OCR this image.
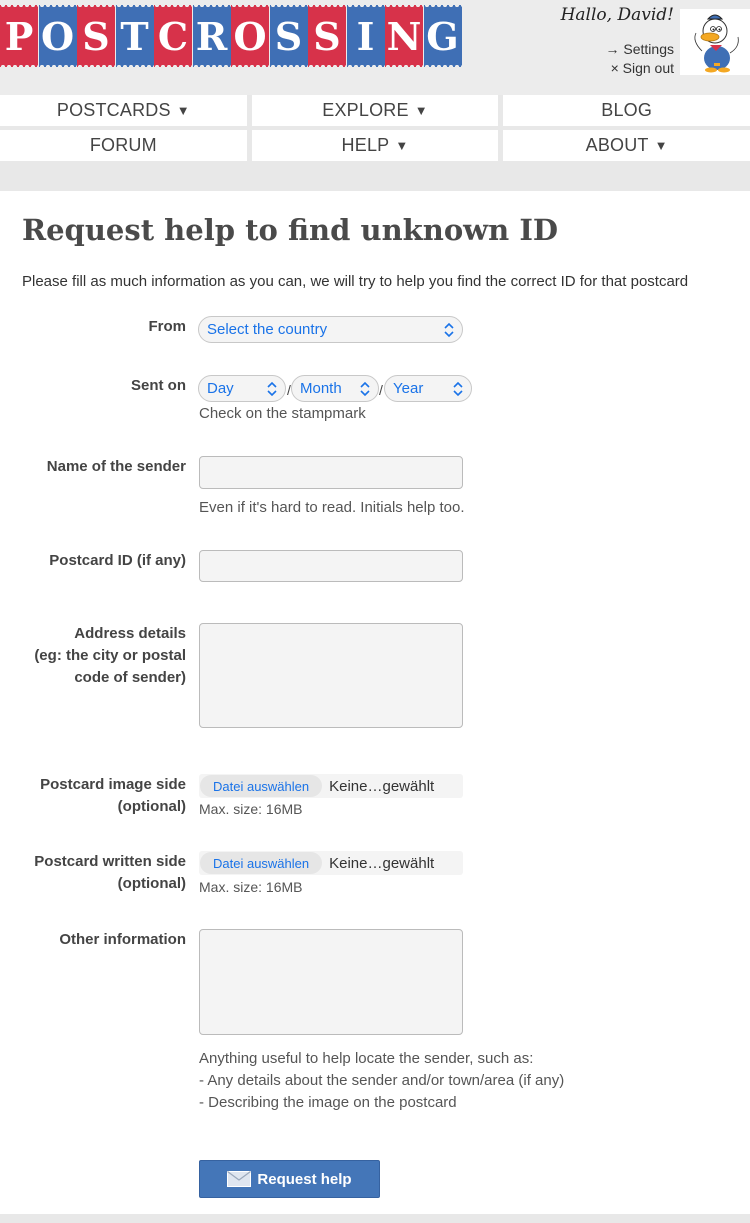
P O S T C R O S S I N G	Hallo, David!
→ Settings
× Sign out
POSTCARDS ▼	EXPLORE ▼	BLOG
FORUM	HELP ▼	ABOUT ▼
Request help to find unknown ID

Please fill as much information as you can, we will try to help you find the correct ID for that postcard

From Select the country
Sent on Day	/ Month	/ Year
Check on the stampmark
Name of the sender
Even if it's hard to read. Initials help too.
Postcard ID (if any)
Address details
(eg: the city or postal
code of sender)
Postcard image side
(optional)
Datei auswählen	Keine…gewählt
Max. size: 16MB
Postcard written side
(optional)
Datei auswählen	Keine…gewählt
Max. size: 16MB
Other information
Anything useful to help locate the sender, such as:
- Any details about the sender and/or town/area (if any)
- Describing the image on the postcard
Request help
